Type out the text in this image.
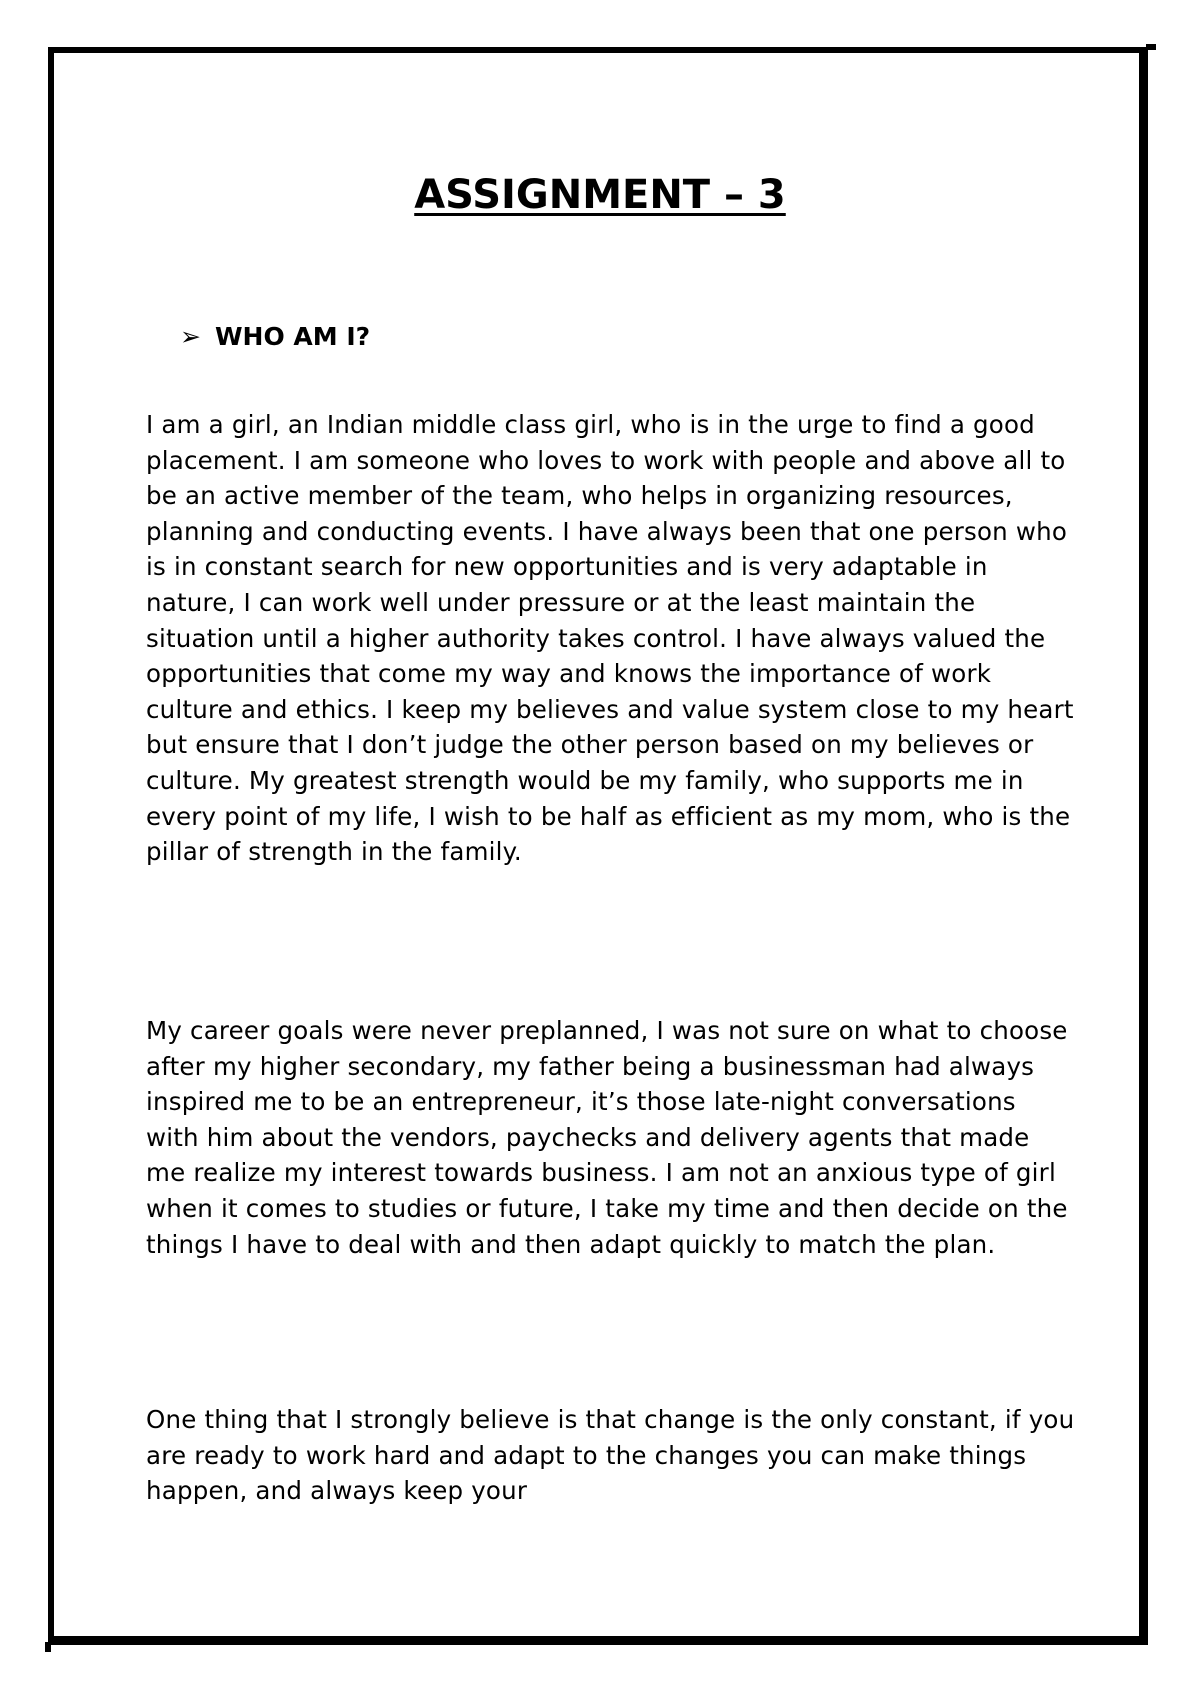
ASSIGNMENT – 3
➢ WHO AM I?

I am a girl, an Indian middle class girl, who is in the urge to find a good placement. I am someone who loves to work with people and above all to be an active member of the team, who helps in organizing resources, planning and conducting events. I have always been that one person who is in constant search for new opportunities and is very adaptable in nature, I can work well under pressure or at the least maintain the situation until a higher authority takes control. I have always valued the opportunities that come my way and knows the importance of work culture and ethics. I keep my believes and value system close to my heart but ensure that I don’t judge the other person based on my believes or culture. My greatest strength would be my family, who supports me in every point of my life, I wish to be half as efficient as my mom, who is the pillar of strength in the family.

My career goals were never preplanned, I was not sure on what to choose after my higher secondary, my father being a businessman had always inspired me to be an entrepreneur, it’s those late-night conversations with him about the vendors, paychecks and delivery agents that made me realize my interest towards business. I am not an anxious type of girl when it comes to studies or future, I take my time and then decide on the things I have to deal with and then adapt quickly to match the plan.

One thing that I strongly believe is that change is the only constant, if you are ready to work hard and adapt to the changes you can make things happen, and always keep your
